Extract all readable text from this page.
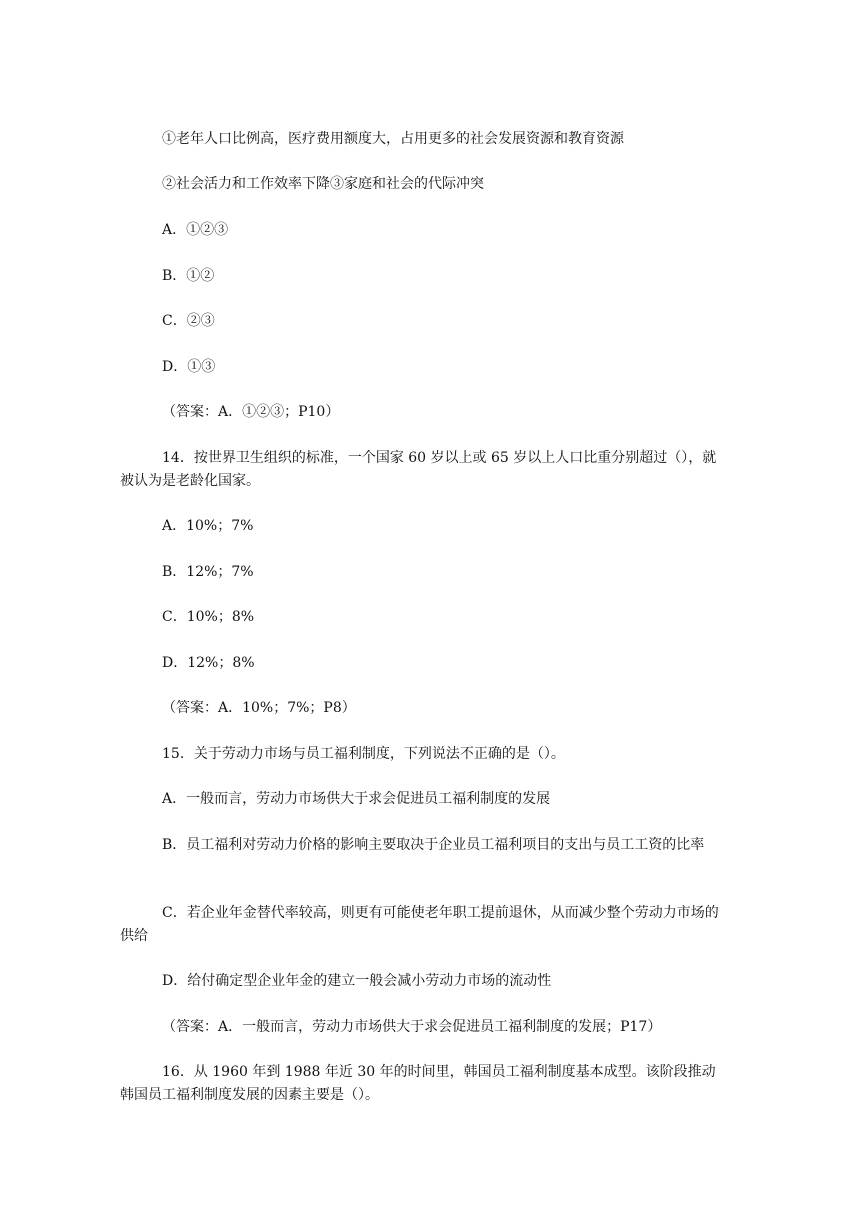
①老年人口比例高，医疗费用额度大，占用更多的社会发展资源和教育资源

②社会活力和工作效率下降③家庭和社会的代际冲突

A．①②③

B．①②

C．②③

D．①③

（答案：A．①②③；P10）

14．按世界卫生组织的标准，一个国家 60 岁以上或 65 岁以上人口比重分别超过（），就被认为是老龄化国家。

A．10%；7%

B．12%；7%

C．10%；8%

D．12%；8%

（答案：A．10%；7%；P8）

15．关于劳动力市场与员工福利制度，下列说法不正确的是（）。

A．一般而言，劳动力市场供大于求会促进员工福利制度的发展

B．员工福利对劳动力价格的影响主要取决于企业员工福利项目的支出与员工工资的比率

C．若企业年金替代率较高，则更有可能使老年职工提前退休，从而减少整个劳动力市场的供给

D．给付确定型企业年金的建立一般会减小劳动力市场的流动性

（答案：A．一般而言，劳动力市场供大于求会促进员工福利制度的发展；P17）

16．从 1960 年到 1988 年近 30 年的时间里，韩国员工福利制度基本成型。该阶段推动韩国员工福利制度发展的因素主要是（）。
